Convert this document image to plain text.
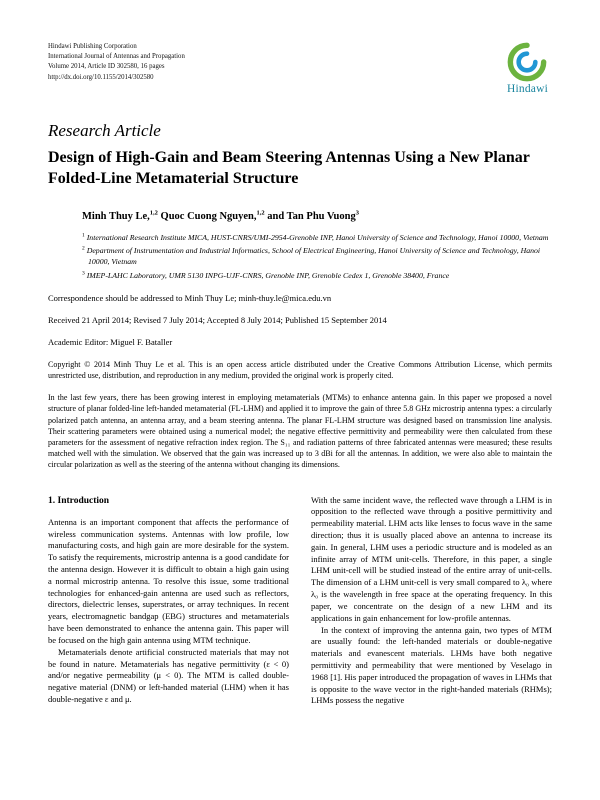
Hindawi Publishing Corporation
International Journal of Antennas and Propagation
Volume 2014, Article ID 302580, 16 pages
http://dx.doi.org/10.1155/2014/302580
Hindawi
Research Article
Design of High-Gain and Beam Steering Antennas Using a New Planar Folded-Line Metamaterial Structure
Minh Thuy Le,$^{1,2}$ Quoc Cuong Nguyen,$^{1,2}$ and Tan Phu Vuong$^3$
$^1$ International Research Institute MICA, HUST-CNRS/UMI-2954-Grenoble INP, Hanoi University of Science and Technology, Hanoi 10000, Vietnam
$^2$ Department of Instrumentation and Industrial Informatics, School of Electrical Engineering, Hanoi University of Science and Technology, Hanoi 10000, Vietnam
$^3$ IMEP-LAHC Laboratory, UMR 5130 INPG-UJF-CNRS, Grenoble INP, Grenoble Cedex 1, Grenoble 38400, France
Correspondence should be addressed to Minh Thuy Le; minh-thuy.le@mica.edu.vn
Received 21 April 2014; Revised 7 July 2014; Accepted 8 July 2014; Published 15 September 2014
Academic Editor: Miguel F. Bataller
Copyright © 2014 Minh Thuy Le et al. This is an open access article distributed under the Creative Commons Attribution License, which permits unrestricted use, distribution, and reproduction in any medium, provided the original work is properly cited.
In the last few years, there has been growing interest in employing metamaterials (MTMs) to enhance antenna gain. In this paper we proposed a novel structure of planar folded-line left-handed metamaterial (FL-LHM) and applied it to improve the gain of three 5.8 GHz microstrip antenna types: a circularly polarized patch antenna, an antenna array, and a beam steering antenna. The planar FL-LHM structure was designed based on transmission line analysis. Their scattering parameters were obtained using a numerical model; the negative effective permittivity and permeability were then calculated from these parameters for the assessment of negative refraction index region. The S₁₁ and radiation patterns of three fabricated antennas were measured; these results matched well with the simulation. We observed that the gain was increased up to 3 dBi for all the antennas. In addition, we were also able to maintain the circular polarization as well as the steering of the antenna without changing its dimensions.
1. Introduction

Antenna is an important component that affects the performance of wireless communication systems. Antennas with low profile, low manufacturing costs, and high gain are more desirable for the system. To satisfy the requirements, microstrip antenna is a good candidate for the antenna design. However it is difficult to obtain a high gain using a normal microstrip antenna. To resolve this issue, some traditional technologies for enhanced-gain antenna are used such as reflectors, directors, dielectric lenses, superstrates, or array techniques. In recent years, electromagnetic bandgap (EBG) structures and metamaterials have been demonstrated to enhance the antenna gain. This paper will be focused on the high gain antenna using MTM technique.

Metamaterials denote artificial constructed materials that may not be found in nature. Metamaterials has negative permittivity (ε < 0) and/or negative permeability (μ < 0). The MTM is called double-negative material (DNM) or left-handed material (LHM) when it has double-negative ε and μ.

With the same incident wave, the reflected wave through a LHM is in opposition to the reflected wave through a positive permittivity and permeability material. LHM acts like lenses to focus wave in the same direction; thus it is usually placed above an antenna to increase its gain. In general, LHM uses a periodic structure and is modeled as an infinite array of MTM unit-cells. Therefore, in this paper, a single LHM unit-cell will be studied instead of the entire array of unit-cells. The dimension of a LHM unit-cell is very small compared to λ₀ where λ₀ is the wavelength in free space at the operating frequency. In this paper, we concentrate on the design of a new LHM and its applications in gain enhancement for low-profile antennas.

In the context of improving the antenna gain, two types of MTM are usually found: the left-handed materials or double-negative materials and evanescent materials. LHMs have both negative permittivity and permeability that were mentioned by Veselago in 1968 [1]. His paper introduced the propagation of waves in LHMs that is opposite to the wave vector in the right-handed materials (RHMs); LHMs possess the negative
